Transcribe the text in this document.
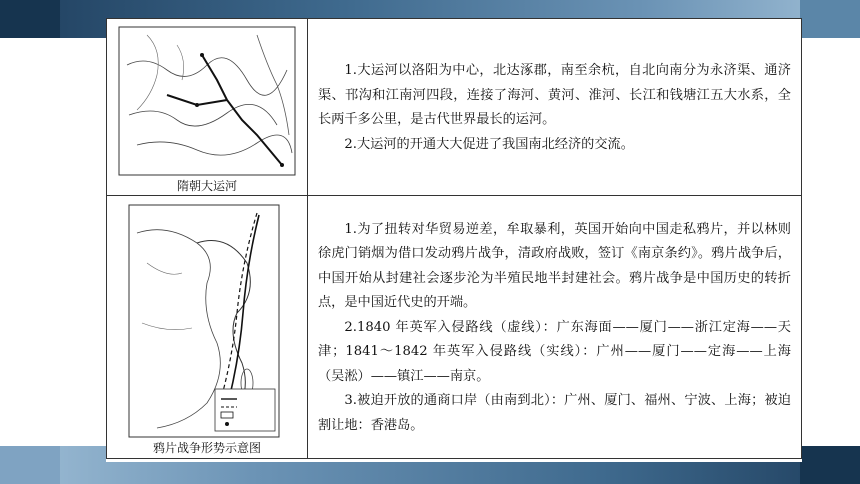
隋朝大运河	1.大运河以洛阳为中心，北达涿郡，南至余杭，自北向南分为永济渠、通济渠、邗沟和江南河四段，连接了海河、黄河、淮河、长江和钱塘江五大水系，全长两千多公里，是古代世界最长的运河。

2.大运河的开通大大促进了我国南北经济的交流。

鸦片战争形势示意图	1.为了扭转对华贸易逆差，牟取暴利，英国开始向中国走私鸦片，并以林则徐虎门销烟为借口发动鸦片战争，清政府战败，签订《南京条约》。鸦片战争后，中国开始从封建社会逐步沦为半殖民地半封建社会。鸦片战争是中国历史的转折点，是中国近代史的开端。

2.1840 年英军入侵路线（虚线）：广东海面——厦门——浙江定海——天津；1841～1842 年英军入侵路线（实线）：广州——厦门——定海——上海（吴淞）——镇江——南京。

3.被迫开放的通商口岸（由南到北）：广州、厦门、福州、宁波、上海；被迫割让地：香港岛。
